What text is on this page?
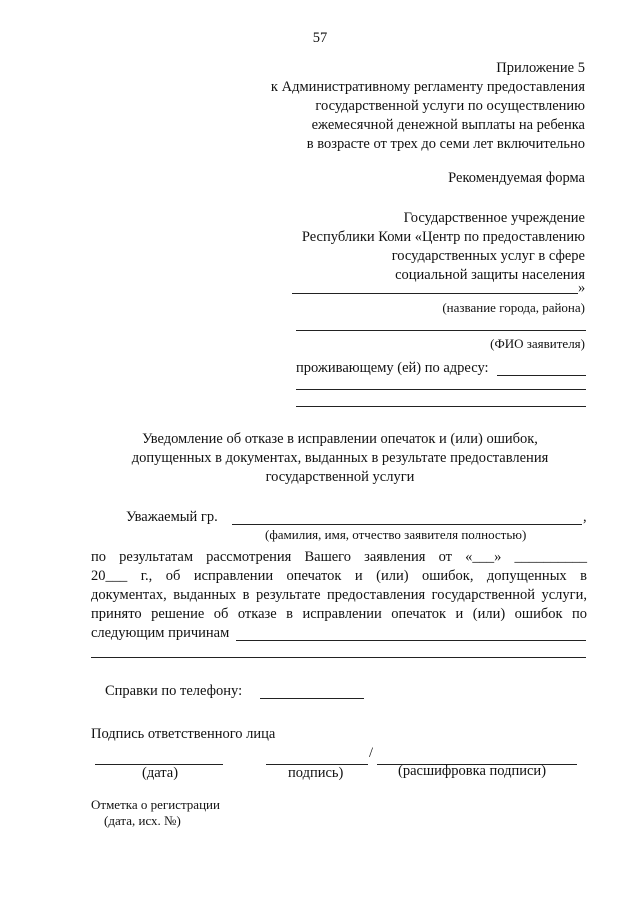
57
Приложение 5
к Административному регламенту предоставления
государственной услуги по осуществлению
ежемесячной денежной выплаты на ребенка
в возрасте от трех до семи лет включительно
Рекомендуемая форма
Государственное учреждение
Республики Коми «Центр по предоставлению
государственных услуг в сфере
социальной защиты населения
»
(название города, района)
(ФИО заявителя)
проживающему (ей) по адресу:
Уведомление об отказе в исправлении опечаток и (или) ошибок,
допущенных в документах, выданных в результате предоставления
государственной услуги
Уважаемый гр.	,
(фамилия, имя, отчество заявителя полностью)
по результатам рассмотрения Вашего заявления от «___» __________
20___ г., об исправлении опечаток и (или) ошибок, допущенных в
документах, выданных в результате предоставления государственной услуги,
принято решение об отказе в исправлении опечаток и (или) ошибок по
следующим причинам
Справки по телефону:
Подпись ответственного лица
/
(дата)	подпись)	(расшифровка подписи)
Отметка о регистрации
(дата, исх. №)
